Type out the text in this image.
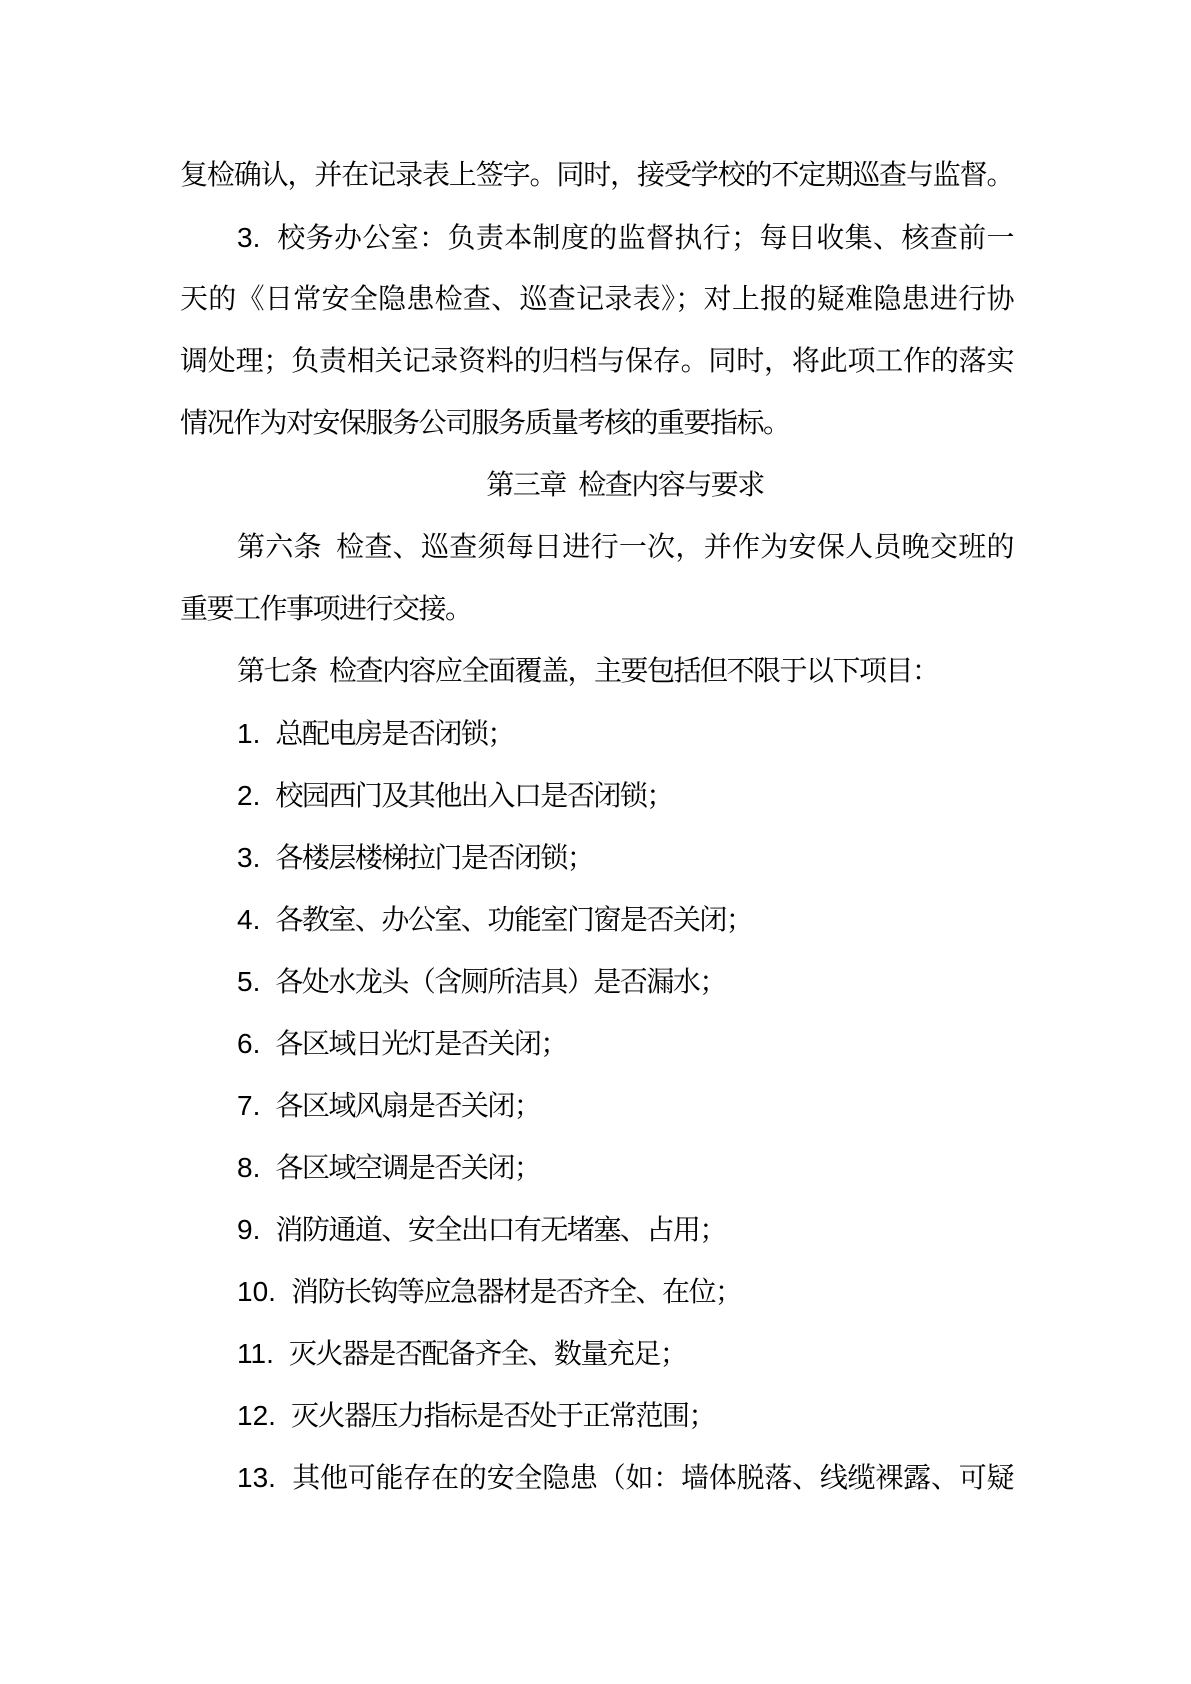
复检确认，并在记录表上签字。同时，接受学校的不定期巡查与监督。
3. 校务办公室：负责本制度的监督执行；每日收集、核查前一
天的《日常安全隐患检查、巡查记录表》；对上报的疑难隐患进行协
调处理；负责相关记录资料的归档与保存。同时，将此项工作的落实
情况作为对安保服务公司服务质量考核的重要指标。
第三章 检查内容与要求
第六条 检查、巡查须每日进行一次，并作为安保人员晚交班的
重要工作事项进行交接。
第七条 检查内容应全面覆盖，主要包括但不限于以下项目：
1. 总配电房是否闭锁；
2. 校园西门及其他出入口是否闭锁；
3. 各楼层楼梯拉门是否闭锁；
4. 各教室、办公室、功能室门窗是否关闭；
5. 各处水龙头（含厕所洁具）是否漏水；
6. 各区域日光灯是否关闭；
7. 各区域风扇是否关闭；
8. 各区域空调是否关闭；
9. 消防通道、安全出口有无堵塞、占用；
10. 消防长钩等应急器材是否齐全、在位；
11. 灭火器是否配备齐全、数量充足；
12. 灭火器压力指标是否处于正常范围；
13. 其他可能存在的安全隐患（如：墙体脱落、线缆裸露、可疑
